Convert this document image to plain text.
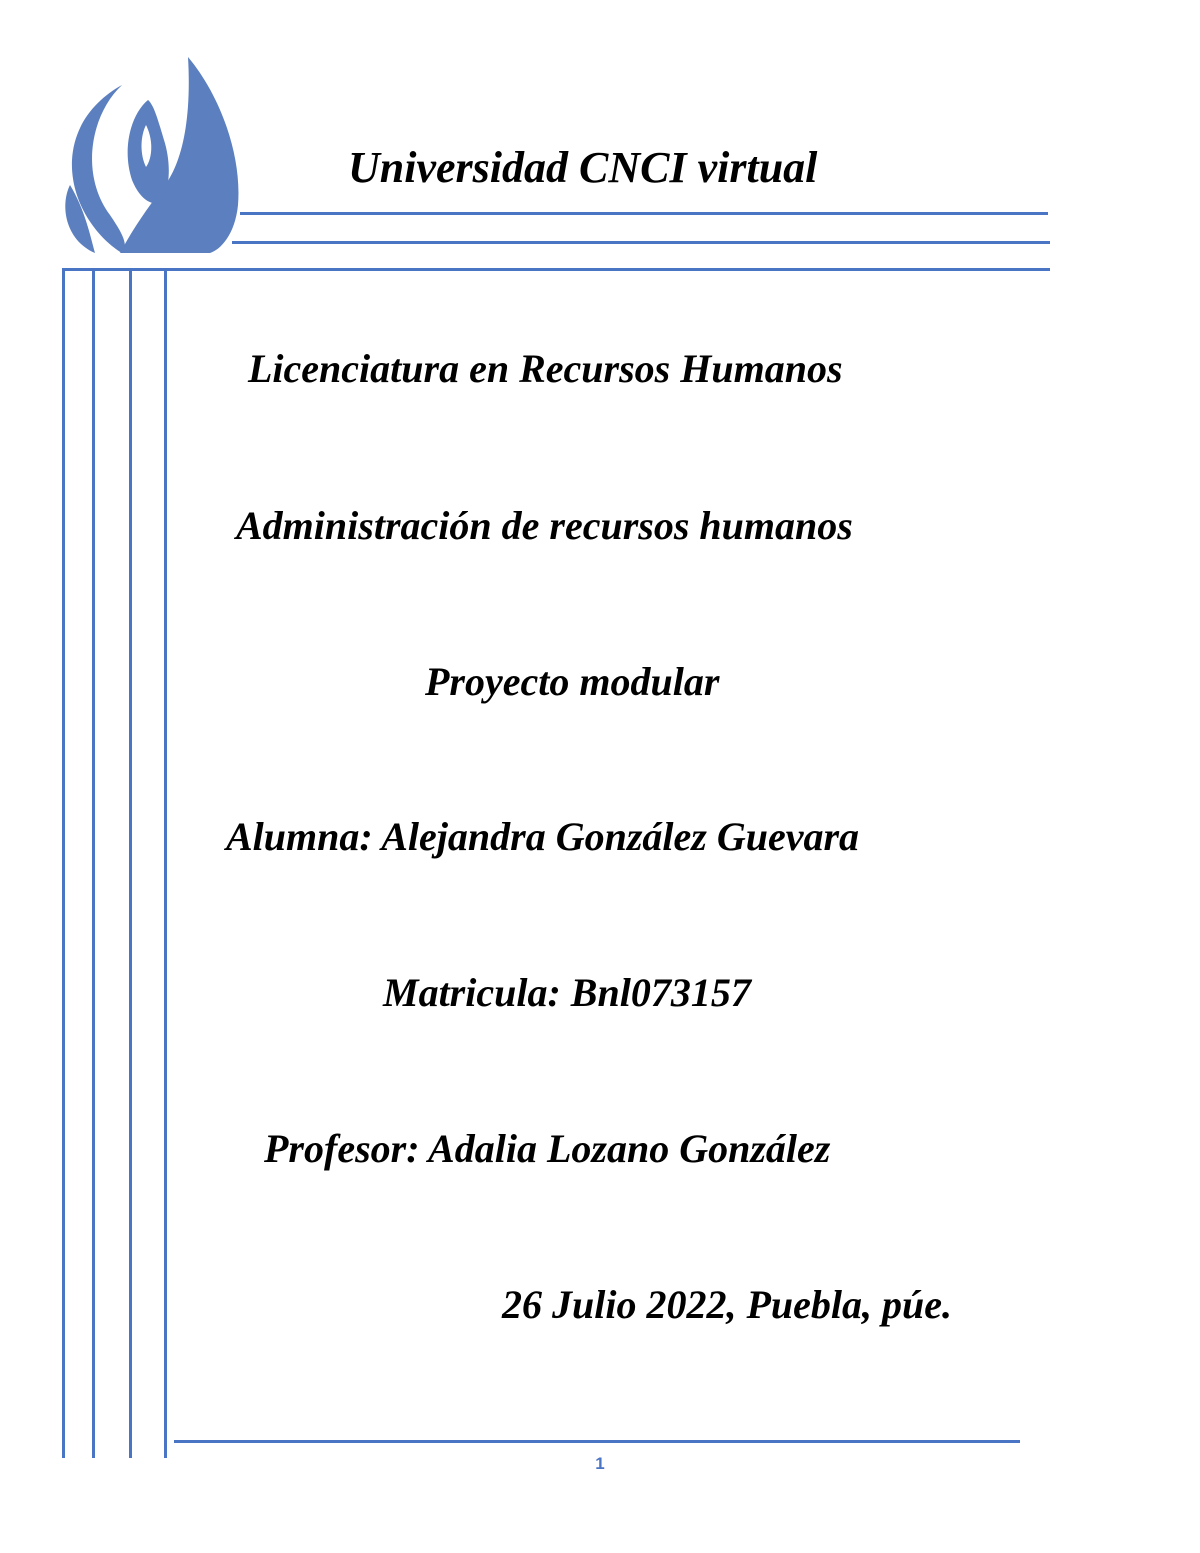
Universidad CNCI virtual
Licenciatura en Recursos Humanos
Administración de recursos humanos
Proyecto modular
Alumna: Alejandra González Guevara
Matricula: Bnl073157
Profesor: Adalia Lozano González
26 Julio 2022, Puebla, púe.
1
